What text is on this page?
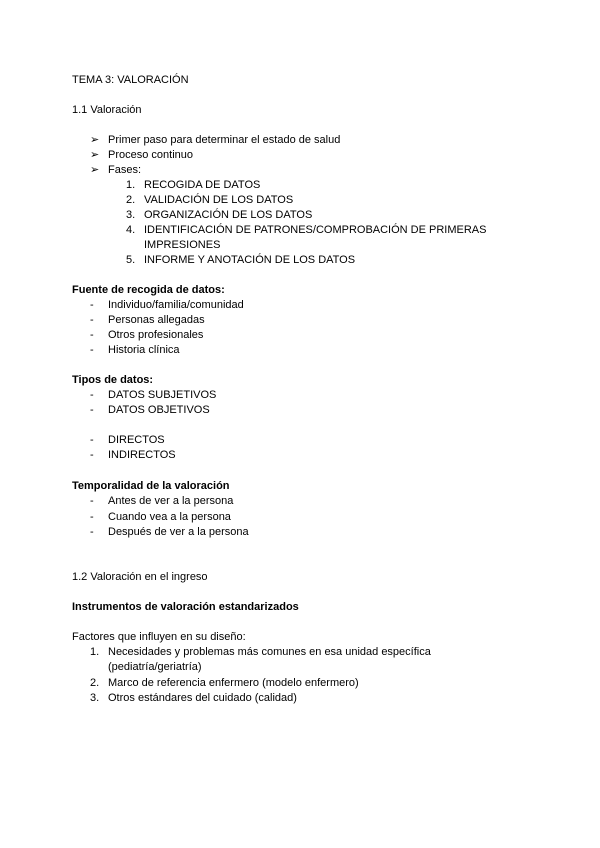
TEMA 3: VALORACIÓN
1.1 Valoración
➢ Primer paso para determinar el estado de salud
➢ Proceso continuo
➢ Fases:
1. RECOGIDA DE DATOS
2. VALIDACIÓN DE LOS DATOS
3. ORGANIZACIÓN DE LOS DATOS
4. IDENTIFICACIÓN DE PATRONES/COMPROBACIÓN DE PRIMERAS
IMPRESIONES
5. INFORME Y ANOTACIÓN DE LOS DATOS
Fuente de recogida de datos:
- Individuo/familia/comunidad
- Personas allegadas
- Otros profesionales
- Historia clínica
Tipos de datos:
- DATOS SUBJETIVOS
- DATOS OBJETIVOS
- DIRECTOS
- INDIRECTOS
Temporalidad de la valoración
- Antes de ver a la persona
- Cuando vea a la persona
- Después de ver a la persona
1.2 Valoración en el ingreso
Instrumentos de valoración estandarizados
Factores que influyen en su diseño:
1. Necesidades y problemas más comunes en esa unidad específica
(pediatría/geriatría)
2. Marco de referencia enfermero (modelo enfermero)
3. Otros estándares del cuidado (calidad)
